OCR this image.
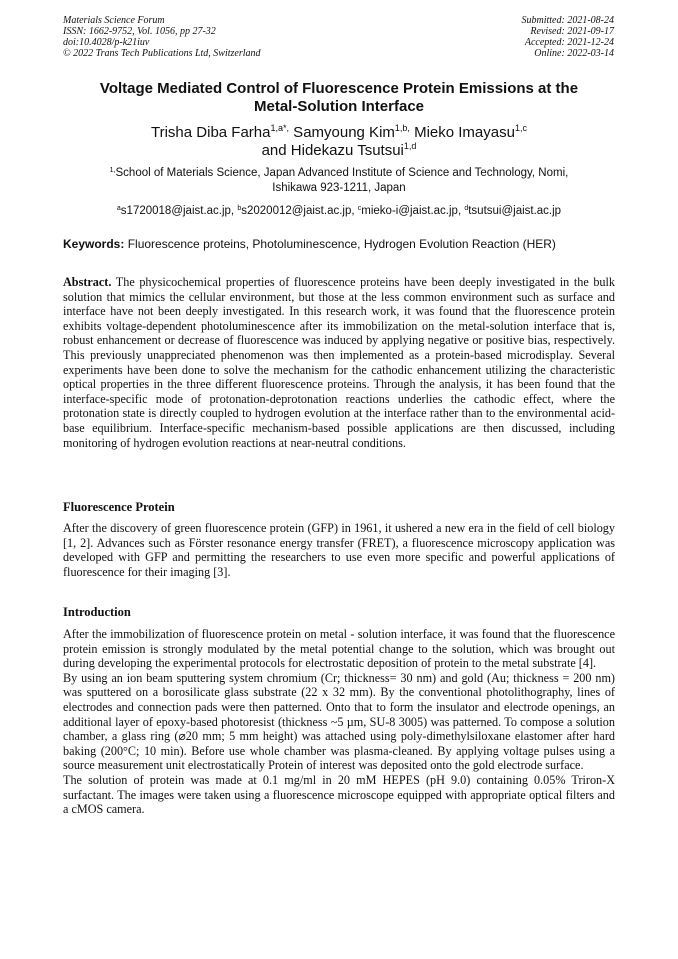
Materials Science Forum
ISSN: 1662-9752, Vol. 1056, pp 27-32
doi:10.4028/p-k21iuv
© 2022 Trans Tech Publications Ltd, Switzerland
Submitted: 2021-08-24
Revised: 2021-09-17
Accepted: 2021-12-24
Online: 2022-03-14
Voltage Mediated Control of Fluorescence Protein Emissions at the
Metal-Solution Interface
Trisha Diba Farha$^{1,a*,}$ Samyoung Kim$^{1,b,}$ Mieko Imayasu$^{1,c}$
and Hidekazu Tsutsui$^{1,d}$
$^{1,}$School of Materials Science, Japan Advanced Institute of Science and Technology, Nomi,
Ishikawa 923-1211, Japan
$^a$s1720018@jaist.ac.jp, $^b$s2020012@jaist.ac.jp, $^c$mieko-i@jaist.ac.jp, $^d$tsutsui@jaist.ac.jp
Keywords: Fluorescence proteins, Photoluminescence, Hydrogen Evolution Reaction (HER)

Abstract. The physicochemical properties of fluorescence proteins have been deeply investigated in the bulk solution that mimics the cellular environment, but those at the less common environment such as surface and interface have not been deeply investigated. In this research work, it was found that the fluorescence protein exhibits voltage-dependent photoluminescence after its immobilization on the metal-solution interface that is, robust enhancement or decrease of fluorescence was induced by applying negative or positive bias, respectively. This previously unappreciated phenomenon was then implemented as a protein-based microdisplay. Several experiments have been done to solve the mechanism for the cathodic enhancement utilizing the characteristic optical properties in the three different fluorescence proteins. Through the analysis, it has been found that the interface-specific mode of protonation-deprotonation reactions underlies the cathodic effect, where the protonation state is directly coupled to hydrogen evolution at the interface rather than to the environmental acid-base equilibrium. Interface-specific mechanism-based possible applications are then discussed, including monitoring of hydrogen evolution reactions at near-neutral conditions.

Fluorescence Protein

After the discovery of green fluorescence protein (GFP) in 1961, it ushered a new era in the field of cell biology [1, 2]. Advances such as Förster resonance energy transfer (FRET), a fluorescence microscopy application was developed with GFP and permitting the researchers to use even more specific and powerful applications of fluorescence for their imaging [3].

Introduction

After the immobilization of fluorescence protein on metal - solution interface, it was found that the fluorescence protein emission is strongly modulated by the metal potential change to the solution, which was brought out during developing the experimental protocols for electrostatic deposition of protein to the metal substrate [4].

By using an ion beam sputtering system chromium (Cr; thickness= 30 nm) and gold (Au; thickness = 200 nm) was sputtered on a borosilicate glass substrate (22 x 32 mm). By the conventional photolithography, lines of electrodes and connection pads were then patterned. Onto that to form the insulator and electrode openings, an additional layer of epoxy-based photoresist (thickness ~5 µm, SU-8 3005) was patterned. To compose a solution chamber, a glass ring (⌀20 mm; 5 mm height) was attached using poly-dimethylsiloxane elastomer after hard baking (200°C; 10 min). Before use whole chamber was plasma-cleaned. By applying voltage pulses using a source measurement unit electrostatically Protein of interest was deposited onto the gold electrode surface.

The solution of protein was made at 0.1 mg/ml in 20 mM HEPES (pH 9.0) containing 0.05% Triron-X surfactant. The images were taken using a fluorescence microscope equipped with appropriate optical filters and a cMOS camera.
